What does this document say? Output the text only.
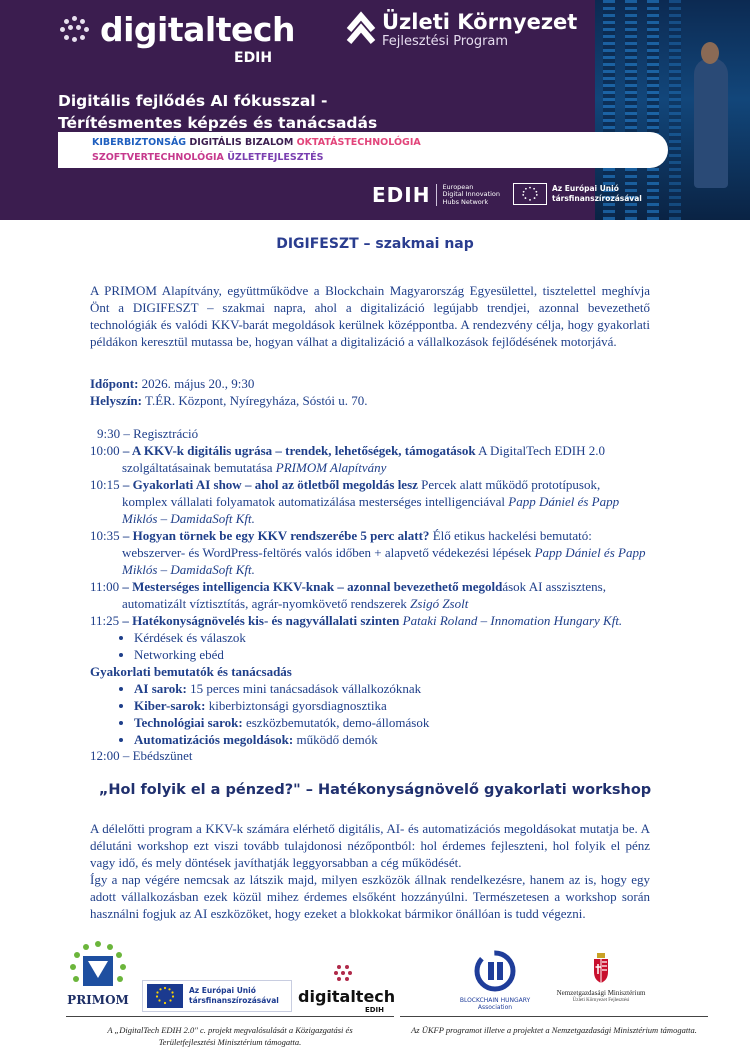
digitaltech
EDIH
Üzleti Környezet
Fejlesztési Program
Digitális fejlődés AI fókusszal -
Térítésmentes képzés és tanácsadás
KIBERBIZTONSÁG DIGITÁLIS BIZALOM OKTATÁSTECHNOLÓGIA
SZOFTVERTECHNOLÓGIA ÜZLETFEJLESZTÉS
EDIH European
Digital Innovation
Hubs Network
Az Európai Unió
társfinanszírozásával
DIGIFESZT – szakmai nap
A PRIMOM Alapítvány, együttműködve a Blockchain Magyarország Egyesülettel, tisztelettel meghívja Önt a DIGIFESZT – szakmai napra, ahol a digitalizáció legújabb trendjei, azonnal bevezethető technológiák és valódi KKV-barát megoldások kerülnek középpontba. A rendezvény célja, hogy gyakorlati példákon keresztül mutassa be, hogyan válhat a digitalizáció a vállalkozások fejlődésének motorjává.
Időpont: 2026. május 20., 9:30
Helyszín: T.ÉR. Központ, Nyíregyháza, Sóstói u. 70.
9:30 – Regisztráció
10:00 – A KKV-k digitális ugrása – trendek, lehetőségek, támogatások A DigitalTech EDIH 2.0
szolgáltatásainak bemutatása PRIMOM Alapítvány
10:15 – Gyakorlati AI show – ahol az ötletből megoldás lesz Percek alatt működő prototípusok,
komplex vállalati folyamatok automatizálása mesterséges intelligenciával Papp Dániel és Papp Miklós – DamidaSoft Kft.
10:35 – Hogyan törnek be egy KKV rendszerébe 5 perc alatt? Élő etikus hackelési bemutató:
webszerver- és WordPress-feltörés valós időben + alapvető védekezési lépések Papp Dániel és Papp Miklós – DamidaSoft Kft.
11:00 – Mesterséges intelligencia KKV-knak – azonnal bevezethető megoldások AI asszisztens,
automatizált víztisztítás, agrár-nyomkövető rendszerek Zsigó Zsolt
11:25 – Hatékonyságnövelés kis- és nagyvállalati szinten Pataki Roland – Innomation Hungary Kft.
• Kérdések és válaszok
• Networking ebéd
Gyakorlati bemutatók és tanácsadás
• AI sarok: 15 perces mini tanácsadások vállalkozóknak
• Kiber-sarok: kiberbiztonsági gyorsdiagnosztika
• Technológiai sarok: eszközbemutatók, demo-állomások
• Automatizációs megoldások: működő demók
12:00 – Ebédszünet
„Hol folyik el a pénzed?" – Hatékonyságnövelő gyakorlati workshop

A délelőtti program a KKV-k számára elérhető digitális, AI- és automatizációs megoldásokat mutatja be. A délutáni workshop ezt viszi tovább tulajdonosi nézőpontból: hol érdemes fejleszteni, hol folyik el pénz vagy idő, és mely döntések javíthatják leggyorsabban a cég működését.

Így a nap végére nemcsak az látszik majd, milyen eszközök állnak rendelkezésre, hanem az is, hogy egy adott vállalkozásban ezek közül mihez érdemes elsőként hozzányúlni. Természetesen a workshop során használni fogjuk az AI eszközöket, hogy ezeket a blokkokat bármikor önállóan is tudd végezni.

PRIMOM
Az Európai Unió
társfinanszírozásával digitaltech
EDIH
BLOCKCHAIN HUNGARY
Association
Nemzetgazdasági Minisztérium
Üzleti Környezet Fejlesztési
A „DigitalTech EDIH 2.0" c. projekt megvalósulását a Közigazgatási és Területfejlesztési Minisztérium támogatta.
Az ÜKFP programot illetve a projektet a Nemzetgazdasági Minisztérium támogatta.
